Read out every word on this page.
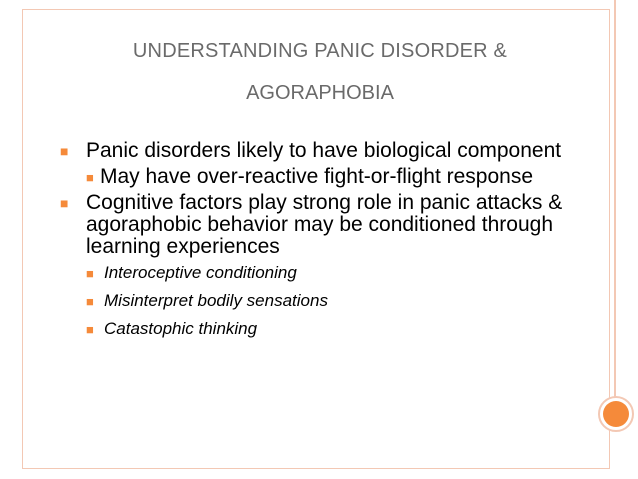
UNDERSTANDING PANIC DISORDER &
AGORAPHOBIA
■ Panic disorders likely to have biological component
■ May have over-reactive fight-or-flight response
■ Cognitive factors play strong role in panic attacks & agoraphobic behavior may be conditioned through learning experiences
■ Interoceptive conditioning
■ Misinterpret bodily sensations
■ Catastophic thinking
